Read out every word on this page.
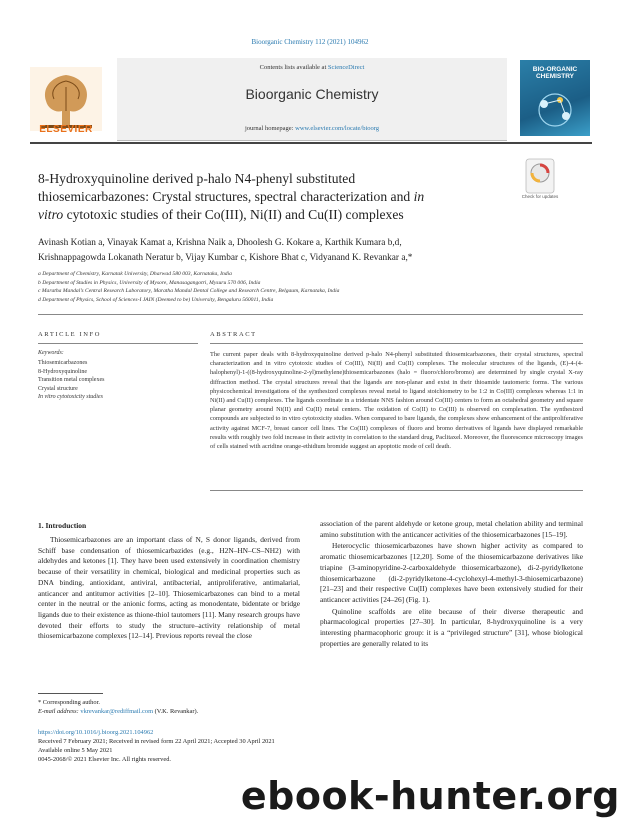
Bioorganic Chemistry 112 (2021) 104962
Contents lists available at ScienceDirect
Bioorganic Chemistry
journal homepage: www.elsevier.com/locate/bioorg
ELSEVIER
BIO-ORGANIC CHEMISTRY
8-Hydroxyquinoline derived p-halo N4-phenyl substituted
thiosemicarbazones: Crystal structures, spectral characterization and in
vitro cytotoxic studies of their Co(III), Ni(II) and Cu(II) complexes
Check for updates
Avinash Kotian a, Vinayak Kamat a, Krishna Naik a, Dhoolesh G. Kokare a, Karthik Kumara b,d,
Krishnappagowda Lokanath Neratur b, Vijay Kumbar c, Kishore Bhat c, Vidyanand K. Revankar a,*
a Department of Chemistry, Karnatak University, Dharwad 580 003, Karnataka, India
b Department of Studies in Physics, University of Mysore, Manasagangotri, Mysuru 570 006, India
c Maratha Mandal’s Central Research Laboratory, Maratha Mandal Dental College and Research Centre, Belgaum, Karnataka, India
d Department of Physics, School of Sciences-I JAIN (Deemed to be) University, Bengaluru 560011, India
ARTICLE INFO	ABSTRACT
Keywords:
Thiosemicarbazones
8-Hydroxyquinoline
Transition metal complexes
Crystal structure
In vitro cytotoxicity studies
The current paper deals with 8-hydroxyquinoline derived p-halo N4-phenyl substituted thiosemicarbazones, their crystal structures, spectral characterization and in vitro cytotoxic studies of Co(III), Ni(II) and Cu(II) complexes. The molecular structures of the ligands, (E)-4-(4-halophenyl)-1-((8-hydroxyquinoline-2-yl)methylene)thiosemicarbazones (halo = fluoro/chloro/bromo) are determined by single crystal X-ray diffraction method. The crystal structures reveal that the ligands are non-planar and exist in their thioamide tautomeric forms. The various physicochemical investigations of the synthesized complexes reveal metal to ligand stoichiometry to be 1:2 in Co(III) complexes whereas 1:1 in Ni(II) and Cu(II) complexes. The ligands coordinate in a tridentate NNS fashion around Co(III) centers to form an octahedral geometry and square planar geometry around Ni(II) and Cu(II) metal centers. The oxidation of Co(II) to Co(III) is observed on complexation. The synthesized compounds are subjected to in vitro cytotoxicity studies. When compared to bare ligands, the complexes show enhancement of the antiproliferative activity against MCF-7, breast cancer cell lines. The Co(III) complexes of fluoro and bromo derivatives of ligands have displayed remarkable results with roughly two fold increase in their activity in correlation to the standard drug, Paclitaxel. Moreover, the fluorescence microscopy images of cells stained with acridine orange-ethidium bromide suggest an apoptotic mode of cell death.
1. Introduction

Thiosemicarbazones are an important class of N, S donor ligands, derived from Schiff base condensation of thiosemicarbazides (e.g., H2N–HN–CS–NH2) with aldehydes and ketones [1]. They have been used extensively in coordination chemistry because of their versatility in chemical, biological and medicinal properties such as DNA binding, antioxidant, antiviral, antibacterial, antiproliferative, antimalarial, anticancer and antitumor activities [2–10]. Thiosemicarbazones can bind to a metal center in the neutral or the anionic forms, acting as monodentate, bidentate or bridge ligands due to their existence as thione-thiol tautomers [11]. Many research groups have devoted their efforts to study the structure–activity relationship of metal thiosemicarbazone complexes [12–14]. Previous reports reveal the close

association of the parent aldehyde or ketone group, metal chelation ability and terminal amino substitution with the anticancer activities of the thiosemicarbazones [15–19].

Heterocyclic thiosemicarbazones have shown higher activity as compared to aromatic thiosemicarbazones [12,20]. Some of the thiosemicarbazone derivatives like triapine (3-aminopyridine-2-carboxaldehyde thiosemicarbazone), di-2-pyridylketone thiosemicarbazone (di-2-pyridylketone-4-cyclohexyl-4-methyl-3-thiosemicarbazone) [21–23] and their respective Cu(II) complexes have been extensively studied for their anticancer activities [24–26] (Fig. 1).

Quinoline scaffolds are elite because of their diverse therapeutic and pharmacological properties [27–30]. In particular, 8-hydroxyquinoline is a very interesting pharmacophoric group: it is a “privileged structure” [31], whose biological properties are generally related to its

* Corresponding author.
E-mail address: vkrevankar@rediffmail.com (V.K. Revankar).
https://doi.org/10.1016/j.bioorg.2021.104962
Received 7 February 2021; Received in revised form 22 April 2021; Accepted 30 April 2021
Available online 5 May 2021
0045-2068/© 2021 Elsevier Inc. All rights reserved.
ebook-hunter.org
